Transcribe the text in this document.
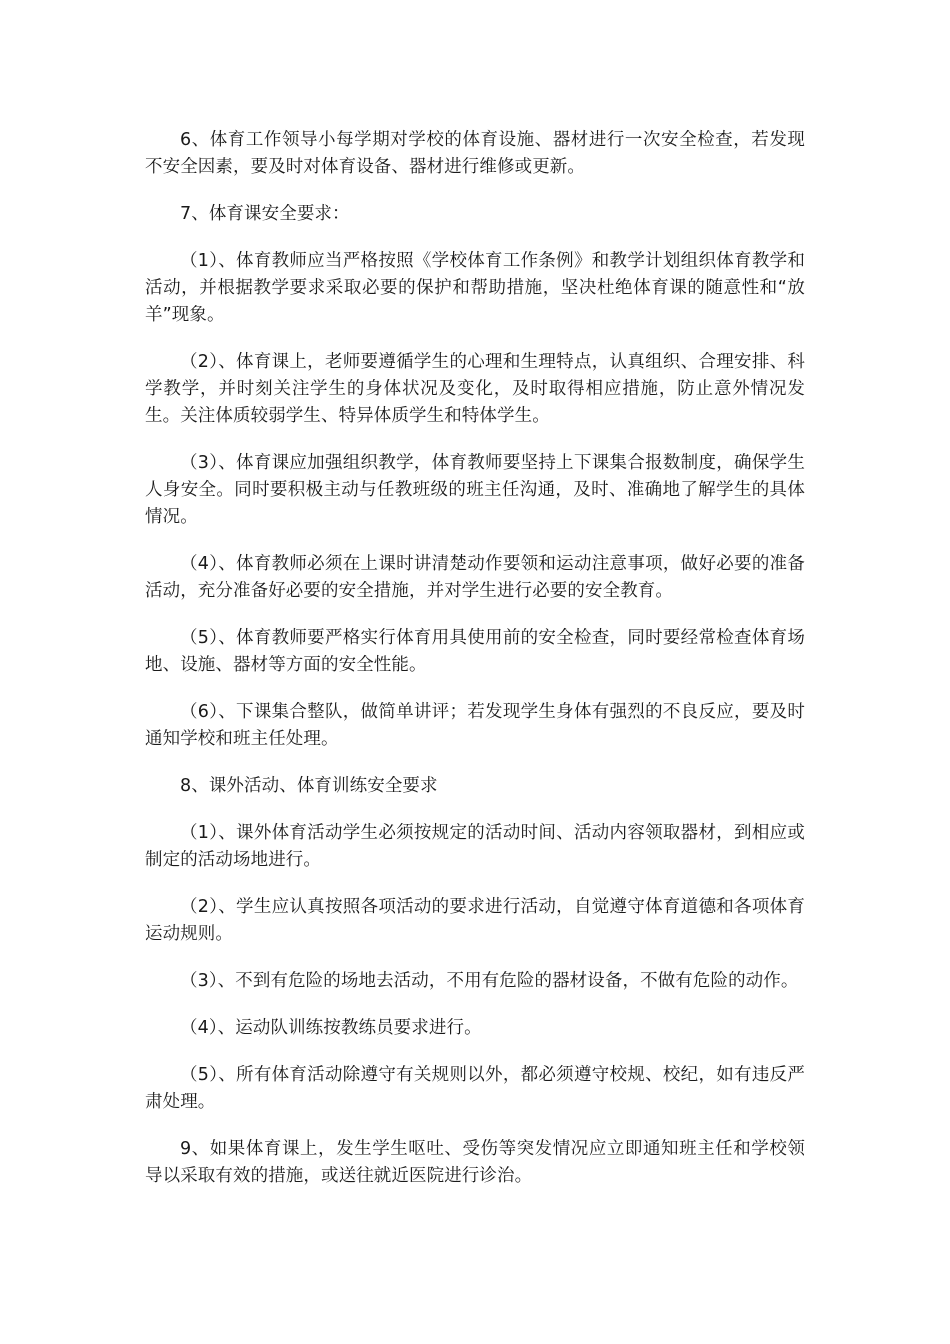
6、体育工作领导小每学期对学校的体育设施、器材进行一次安全检查，若发现不安全因素，要及时对体育设备、器材进行维修或更新。

7、体育课安全要求：

（1）、体育教师应当严格按照《学校体育工作条例》和教学计划组织体育教学和活动，并根据教学要求采取必要的保护和帮助措施，坚决杜绝体育课的随意性和“放羊”现象。

（2）、体育课上，老师要遵循学生的心理和生理特点，认真组织、合理安排、科学教学，并时刻关注学生的身体状况及变化，及时取得相应措施，防止意外情况发生。关注体质较弱学生、特异体质学生和特体学生。

（3）、体育课应加强组织教学，体育教师要坚持上下课集合报数制度，确保学生人身安全。同时要积极主动与任教班级的班主任沟通，及时、准确地了解学生的具体情况。

（4）、体育教师必须在上课时讲清楚动作要领和运动注意事项，做好必要的准备活动，充分准备好必要的安全措施，并对学生进行必要的安全教育。

（5）、体育教师要严格实行体育用具使用前的安全检查，同时要经常检查体育场地、设施、器材等方面的安全性能。

（6）、下课集合整队，做简单讲评；若发现学生身体有强烈的不良反应，要及时通知学校和班主任处理。

8、课外活动、体育训练安全要求

（1）、课外体育活动学生必须按规定的活动时间、活动内容领取器材，到相应或制定的活动场地进行。

（2）、学生应认真按照各项活动的要求进行活动，自觉遵守体育道德和各项体育运动规则。

（3）、不到有危险的场地去活动，不用有危险的器材设备，不做有危险的动作。

（4）、运动队训练按教练员要求进行。

（5）、所有体育活动除遵守有关规则以外，都必须遵守校规、校纪，如有违反严肃处理。

9、如果体育课上，发生学生呕吐、受伤等突发情况应立即通知班主任和学校领导以采取有效的措施，或送往就近医院进行诊治。
